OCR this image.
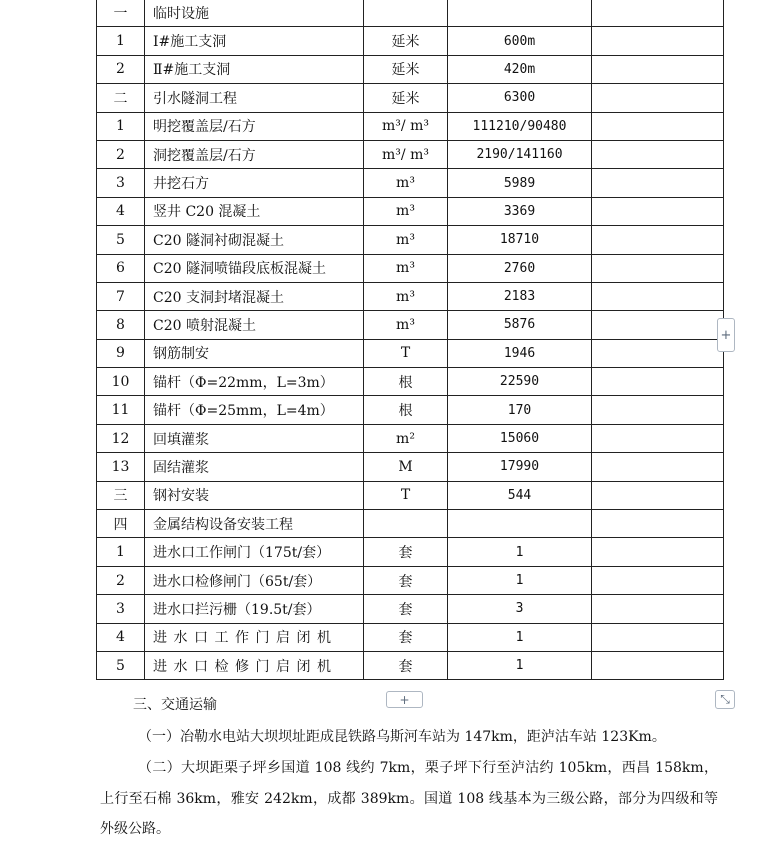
一	临时设施			
1	Ⅰ#施工支洞	延米	600m	
2	Ⅱ#施工支洞	延米	420m	
二	引水隧洞工程	延米	6300	
1	明挖覆盖层/石方	m³/ m³	111210/90480	
2	洞挖覆盖层/石方	m³/ m³	2190/141160	
3	井挖石方	m³	5989	
4	竖井 C20 混凝土	m³	3369	
5	C20 隧洞衬砌混凝土	m³	18710	
6	C20 隧洞喷锚段底板混凝土	m³	2760	
7	C20 支洞封堵混凝土	m³	2183	
8	C20 喷射混凝土	m³	5876	
9	钢筋制安	T	1946	
10	锚杆（Φ=22mm，L=3m）	根	22590	
11	锚杆（Φ=25mm，L=4m）	根	170	
12	回填灌浆	m²	15060	
13	固结灌浆	M	17990	
三	钢衬安装	T	544	
四	金属结构设备安装工程			
1	进水口工作闸门（175t/套）	套	1	
2	进水口检修闸门（65t/套）	套	1	
3	进水口拦污栅（19.5t/套）	套	3	
4	进水口工作门启闭机	套	1	
5	进水口检修门启闭机	套	1	
+
+	⤡

三、交通运输

（一）冶勒水电站大坝坝址距成昆铁路乌斯河车站为 147km，距泸沽车站 123Km。

（二）大坝距栗子坪乡国道 108 线约 7km，栗子坪下行至泸沽约 105km，西昌 158km，上行至石棉 36km，雅安 242km，成都 389km。国道 108 线基本为三级公路，部分为四级和等外级公路。
